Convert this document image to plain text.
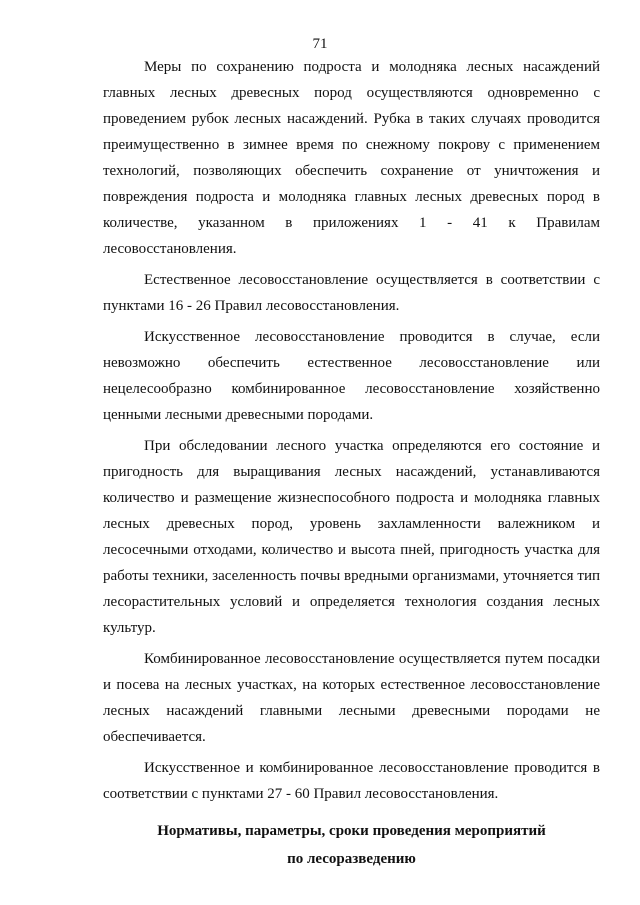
71

Меры по сохранению подроста и молодняка лесных насаждений главных лесных древесных пород осуществляются одновременно с проведением рубок лесных насаждений. Рубка в таких случаях проводится преимущественно в зимнее время по снежному покрову с применением технологий, позволяющих обеспечить сохранение от уничтожения и повреждения подроста и молодняка главных лесных древесных пород в количестве, указанном в приложениях 1 - 41 к Правилам лесовосстановления.

Естественное лесовосстановление осуществляется в соответствии с пунктами 16 - 26 Правил лесовосстановления.

Искусственное лесовосстановление проводится в случае, если невозможно обеспечить естественное лесовосстановление или нецелесообразно комбинированное лесовосстановление хозяйственно ценными лесными древесными породами.

При обследовании лесного участка определяются его состояние и пригодность для выращивания лесных насаждений, устанавливаются количество и размещение жизнеспособного подроста и молодняка главных лесных древесных пород, уровень захламленности валежником и лесосечными отходами, количество и высота пней, пригодность участка для работы техники, заселенность почвы вредными организмами, уточняется тип лесорастительных условий и определяется технология создания лесных культур.

Комбинированное лесовосстановление осуществляется путем посадки и посева на лесных участках, на которых естественное лесовосстановление лесных насаждений главными лесными древесными породами не обеспечивается.

Искусственное и комбинированное лесовосстановление проводится в соответствии с пунктами 27 - 60 Правил лесовосстановления.

Нормативы, параметры, сроки проведения мероприятий
по лесоразведению
